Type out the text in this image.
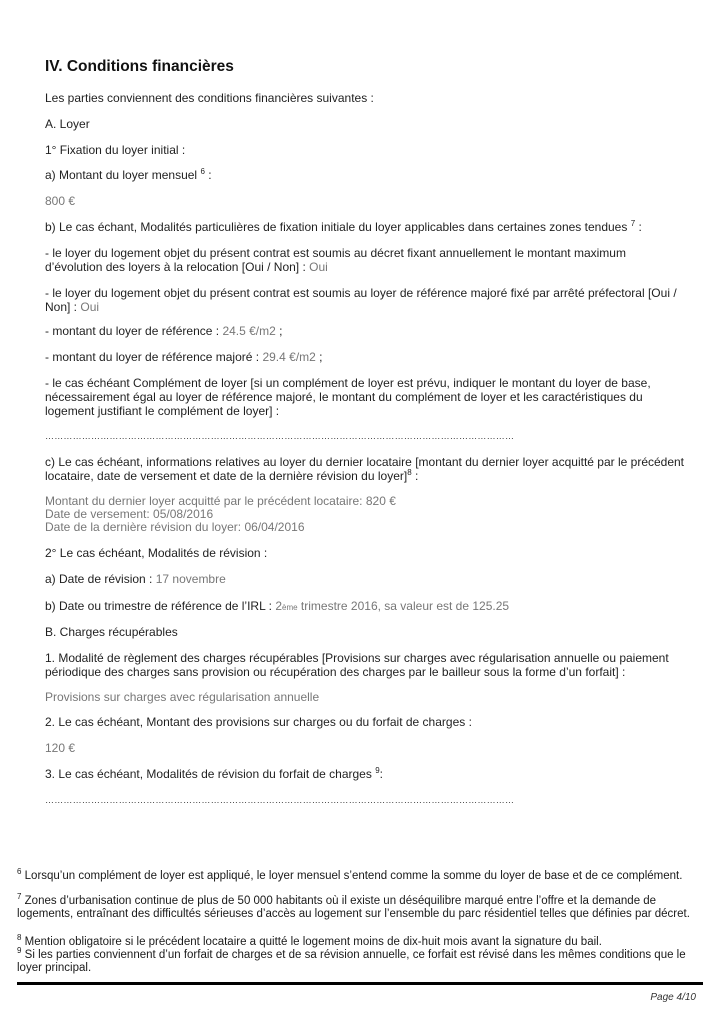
IV. Conditions financières
Les parties conviennent des conditions financières suivantes :
A. Loyer
1° Fixation du loyer initial :
a) Montant du loyer mensuel $^6$ :
800 €
b) Le cas échant, Modalités particulières de fixation initiale du loyer applicables dans certaines zones tendues $^7$ :
- le loyer du logement objet du présent contrat est soumis au décret fixant annuellement le montant maximum d’évolution des loyers à la relocation [Oui / Non] : Oui
- le loyer du logement objet du présent contrat est soumis au loyer de référence majoré fixé par arrêté préfectoral [Oui / Non] : Oui
- montant du loyer de référence : 24.5 €/m2 ;
- montant du loyer de référence majoré : 29.4 €/m2 ;
- le cas échéant Complément de loyer [si un complément de loyer est prévu, indiquer le montant du loyer de base, nécessairement égal au loyer de référence majoré, le montant du complément de loyer et les caractéristiques du logement justifiant le complément de loyer] :
………………………………………………………………………………………………………………………………………
c) Le cas échéant, informations relatives au loyer du dernier locataire [montant du dernier loyer acquitté par le précédent locataire, date de versement et date de la dernière révision du loyer]$^8$ :
Montant du dernier loyer acquitté par le précédent locataire: 820 €
Date de versement: 05/08/2016
Date de la dernière révision du loyer: 06/04/2016
2° Le cas échéant, Modalités de révision :
a) Date de révision : 17 novembre
b) Date ou trimestre de référence de l’IRL : 2ème trimestre 2016, sa valeur est de 125.25
B. Charges récupérables
1. Modalité de règlement des charges récupérables [Provisions sur charges avec régularisation annuelle ou paiement périodique des charges sans provision ou récupération des charges par le bailleur sous la forme d’un forfait] :
Provisions sur charges avec régularisation annuelle
2. Le cas échéant, Montant des provisions sur charges ou du forfait de charges :
120 €
3. Le cas échéant, Modalités de révision du forfait de charges $^9$:
………………………………………………………………………………………………………………………………………
$^6$ Lorsqu’un complément de loyer est appliqué, le loyer mensuel s’entend comme la somme du loyer de base et de ce complément.
$^7$ Zones d’urbanisation continue de plus de 50 000 habitants où il existe un déséquilibre marqué entre l’offre et la demande de logements, entraînant des difficultés sérieuses d’accès au logement sur l’ensemble du parc résidentiel telles que définies par décret.
$^8$ Mention obligatoire si le précédent locataire a quitté le logement moins de dix-huit mois avant la signature du bail.
$^9$ Si les parties conviennent d’un forfait de charges et de sa révision annuelle, ce forfait est révisé dans les mêmes conditions que le loyer principal.
Page 4/10
